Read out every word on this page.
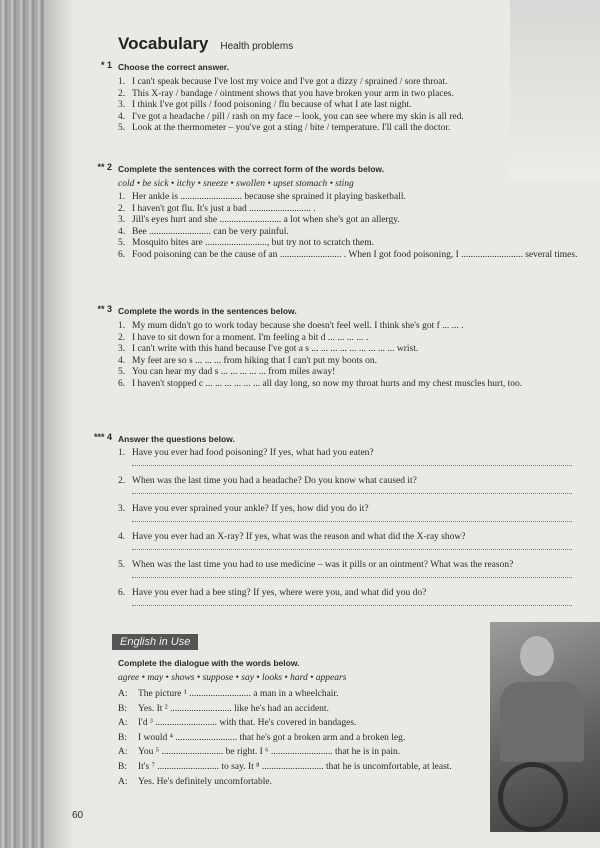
Vocabulary Health problems
* 1 Choose the correct answer.
1. I can't speak because I've lost my voice and I've got a dizzy / sprained / sore throat.
2. This X-ray / bandage / ointment shows that you have broken your arm in two places.
3. I think I've got pills / food poisoning / flu because of what I ate last night.
4. I've got a headache / pill / rash on my face – look, you can see where my skin is all red.
5. Look at the thermometer – you've got a sting / bite / temperature. I'll call the doctor.
** 2 Complete the sentences with the correct form of the words below.
cold • be sick • itchy • sneeze • swollen • upset stomach • sting
1. Her ankle is .......................... because she sprained it playing basketball.
2. I haven't got flu. It's just a bad .......................... .
3. Jill's eyes hurt and she .......................... a lot when she's got an allergy.
4. Bee .......................... can be very painful.
5. Mosquito bites are .........................., but try not to scratch them.
6. Food poisoning can be the cause of an .......................... . When I got food poisoning, I .......................... several times.
** 3 Complete the words in the sentences below.
1. My mum didn't go to work today because she doesn't feel well. I think she's got f ... ... .
2. I have to sit down for a moment. I'm feeling a bit d ... ... ... ... .
3. I can't write with this hand because I've got a s ... ... ... ... ... ... ... ... ... wrist.
4. My feet are so s ... ... ... from hiking that I can't put my boots on.
5. You can hear my dad s ... ... ... ... ... from miles away!
6. I haven't stopped c ... ... ... ... ... ... all day long, so now my throat hurts and my chest muscles hurt, too.
*** 4 Answer the questions below.
1. Have you ever had food poisoning? If yes, what had you eaten?
2. When was the last time you had a headache? Do you know what caused it?
3. Have you ever sprained your ankle? If yes, how did you do it?
4. Have you ever had an X-ray? If yes, what was the reason and what did the X-ray show?
5. When was the last time you had to use medicine – was it pills or an ointment? What was the reason?
6. Have you ever had a bee sting? If yes, where were you, and what did you do?
English in Use
Complete the dialogue with the words below.
agree • may • shows • suppose • say • looks • hard • appears
A: The picture ¹ .......................... a man in a wheelchair.
B: Yes. It ² .......................... like he's had an accident.
A: I'd ³ .......................... with that. He's covered in bandages.
B: I would ⁴ .......................... that he's got a broken arm and a broken leg.
A: You ⁵ .......................... be right. I ⁶ .......................... that he is in pain.
B: It's ⁷ .......................... to say. It ⁸ .......................... that he is uncomfortable, at least.
A: Yes. He's definitely uncomfortable.
60
